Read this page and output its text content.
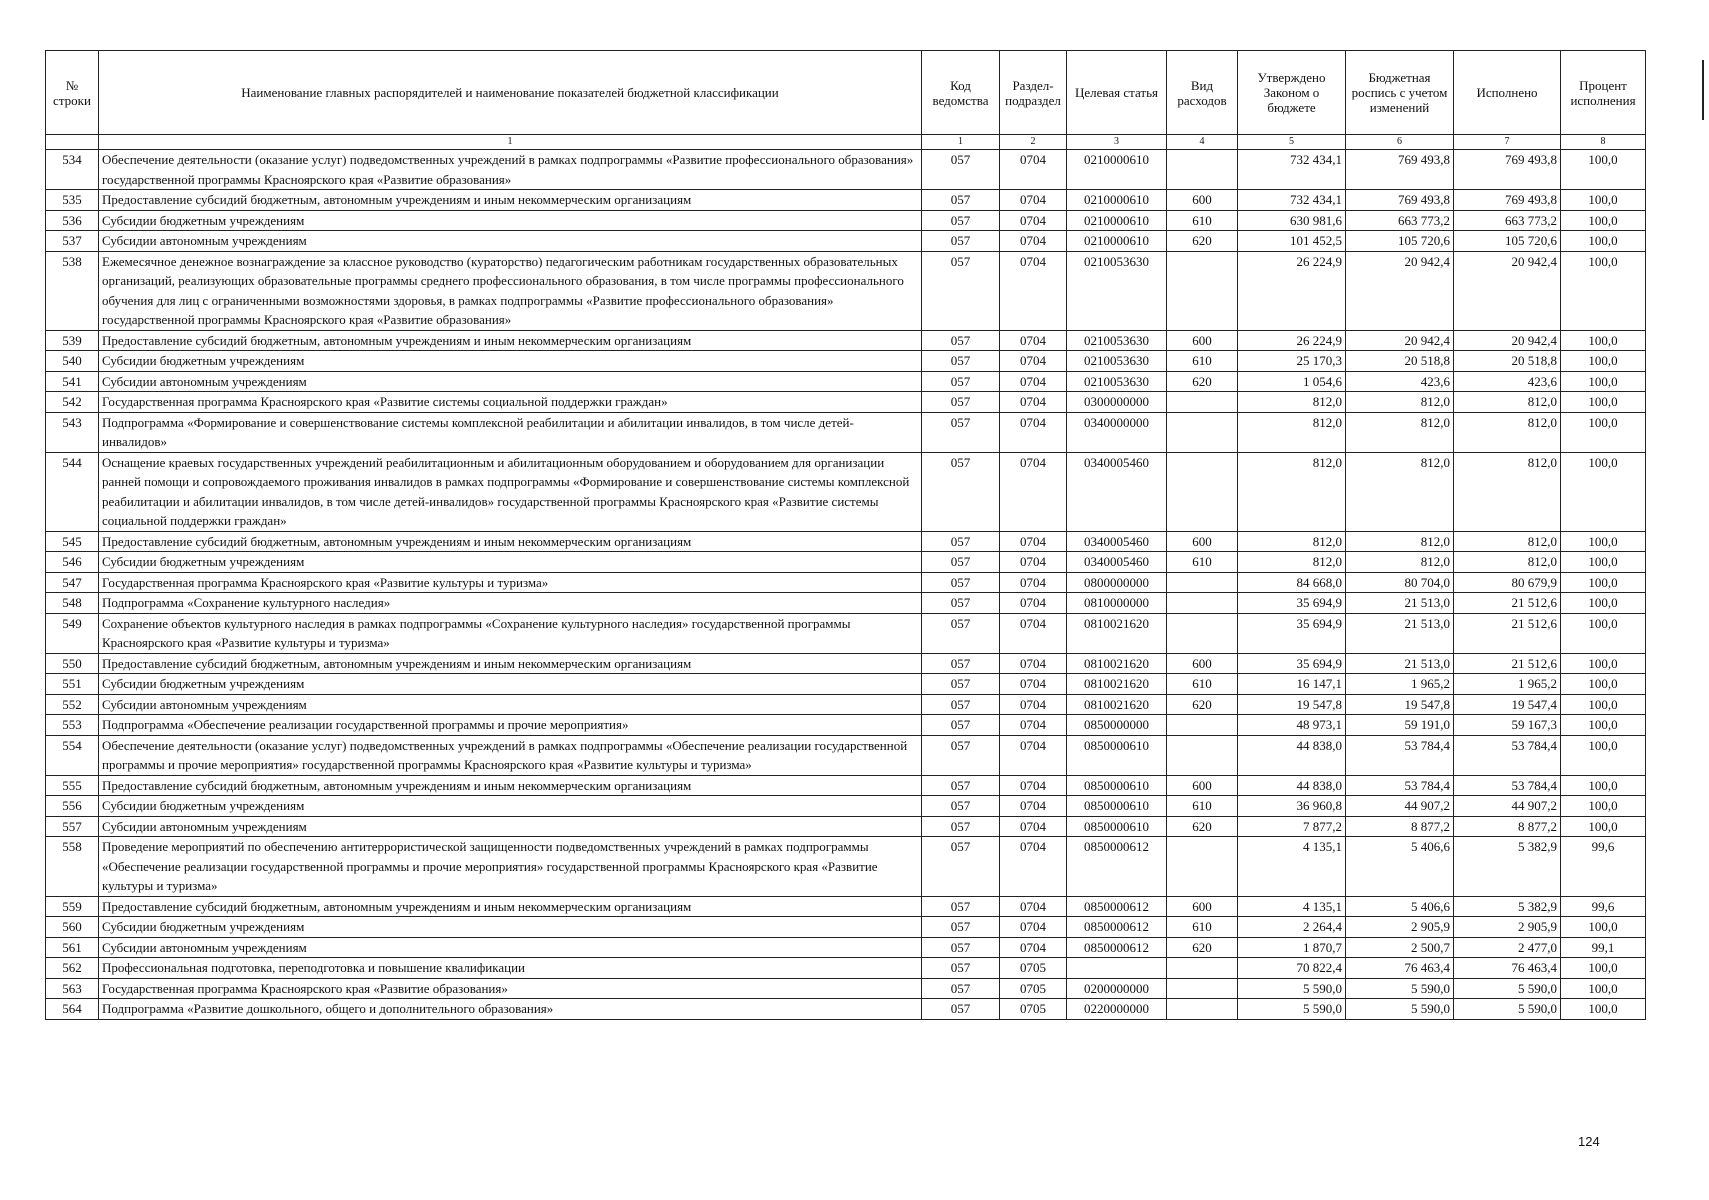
№ строки	Наименование главных распорядителей и наименование показателей бюджетной классификации	Код ведомства	Раздел-подраздел	Целевая статья	Вид расходов	Утверждено Законом о бюджете	Бюджетная роспись с учетом изменений	Исполнено	Процент исполнения
	1	1	2	3	4	5	6	7	8
534	Обеспечение деятельности (оказание услуг) подведомственных учреждений в рамках подпрограммы «Развитие профессионального образования» государственной программы Красноярского края «Развитие образования»	057	0704	0210000610		732 434,1	769 493,8	769 493,8	100,0
535	Предоставление субсидий бюджетным, автономным учреждениям и иным некоммерческим организациям	057	0704	0210000610	600	732 434,1	769 493,8	769 493,8	100,0
536	Субсидии бюджетным учреждениям	057	0704	0210000610	610	630 981,6	663 773,2	663 773,2	100,0
537	Субсидии автономным учреждениям	057	0704	0210000610	620	101 452,5	105 720,6	105 720,6	100,0
538	Ежемесячное денежное вознаграждение за классное руководство (кураторство) педагогическим работникам государственных образовательных организаций, реализующих образовательные программы среднего профессионального образования, в том числе программы профессионального обучения для лиц с ограниченными возможностями здоровья, в рамках подпрограммы «Развитие профессионального образования» государственной программы Красноярского края «Развитие образования»	057	0704	0210053630		26 224,9	20 942,4	20 942,4	100,0
539	Предоставление субсидий бюджетным, автономным учреждениям и иным некоммерческим организациям	057	0704	0210053630	600	26 224,9	20 942,4	20 942,4	100,0
540	Субсидии бюджетным учреждениям	057	0704	0210053630	610	25 170,3	20 518,8	20 518,8	100,0
541	Субсидии автономным учреждениям	057	0704	0210053630	620	1 054,6	423,6	423,6	100,0
542	Государственная программа Красноярского края «Развитие системы социальной поддержки граждан»	057	0704	0300000000		812,0	812,0	812,0	100,0
543	Подпрограмма «Формирование и совершенствование системы комплексной реабилитации и абилитации инвалидов, в том числе детей-инвалидов»	057	0704	0340000000		812,0	812,0	812,0	100,0
544	Оснащение краевых государственных учреждений реабилитационным и абилитационным оборудованием и оборудованием для организации ранней помощи и сопровождаемого проживания инвалидов в рамках подпрограммы «Формирование и совершенствование системы комплексной реабилитации и абилитации инвалидов, в том числе детей-инвалидов» государственной программы Красноярского края «Развитие системы социальной поддержки граждан»	057	0704	0340005460		812,0	812,0	812,0	100,0
545	Предоставление субсидий бюджетным, автономным учреждениям и иным некоммерческим организациям	057	0704	0340005460	600	812,0	812,0	812,0	100,0
546	Субсидии бюджетным учреждениям	057	0704	0340005460	610	812,0	812,0	812,0	100,0
547	Государственная программа Красноярского края «Развитие культуры и туризма»	057	0704	0800000000		84 668,0	80 704,0	80 679,9	100,0
548	Подпрограмма «Сохранение культурного наследия»	057	0704	0810000000		35 694,9	21 513,0	21 512,6	100,0
549	Сохранение объектов культурного наследия в рамках подпрограммы «Сохранение культурного наследия» государственной программы Красноярского края «Развитие культуры и туризма»	057	0704	0810021620		35 694,9	21 513,0	21 512,6	100,0
550	Предоставление субсидий бюджетным, автономным учреждениям и иным некоммерческим организациям	057	0704	0810021620	600	35 694,9	21 513,0	21 512,6	100,0
551	Субсидии бюджетным учреждениям	057	0704	0810021620	610	16 147,1	1 965,2	1 965,2	100,0
552	Субсидии автономным учреждениям	057	0704	0810021620	620	19 547,8	19 547,8	19 547,4	100,0
553	Подпрограмма «Обеспечение реализации государственной программы и прочие мероприятия»	057	0704	0850000000		48 973,1	59 191,0	59 167,3	100,0
554	Обеспечение деятельности (оказание услуг) подведомственных учреждений в рамках подпрограммы «Обеспечение реализации государственной программы и прочие мероприятия» государственной программы Красноярского края «Развитие культуры и туризма»	057	0704	0850000610		44 838,0	53 784,4	53 784,4	100,0
555	Предоставление субсидий бюджетным, автономным учреждениям и иным некоммерческим организациям	057	0704	0850000610	600	44 838,0	53 784,4	53 784,4	100,0
556	Субсидии бюджетным учреждениям	057	0704	0850000610	610	36 960,8	44 907,2	44 907,2	100,0
557	Субсидии автономным учреждениям	057	0704	0850000610	620	7 877,2	8 877,2	8 877,2	100,0
558	Проведение мероприятий по обеспечению антитеррористической защищенности подведомственных учреждений в рамках подпрограммы «Обеспечение реализации государственной программы и прочие мероприятия» государственной программы Красноярского края «Развитие культуры и туризма»	057	0704	0850000612		4 135,1	5 406,6	5 382,9	99,6
559	Предоставление субсидий бюджетным, автономным учреждениям и иным некоммерческим организациям	057	0704	0850000612	600	4 135,1	5 406,6	5 382,9	99,6
560	Субсидии бюджетным учреждениям	057	0704	0850000612	610	2 264,4	2 905,9	2 905,9	100,0
561	Субсидии автономным учреждениям	057	0704	0850000612	620	1 870,7	2 500,7	2 477,0	99,1
562	Профессиональная подготовка, переподготовка и повышение квалификации	057	0705			70 822,4	76 463,4	76 463,4	100,0
563	Государственная программа Красноярского края «Развитие образования»	057	0705	0200000000		5 590,0	5 590,0	5 590,0	100,0
564	Подпрограмма «Развитие дошкольного, общего и дополнительного образования»	057	0705	0220000000		5 590,0	5 590,0	5 590,0	100,0
124
